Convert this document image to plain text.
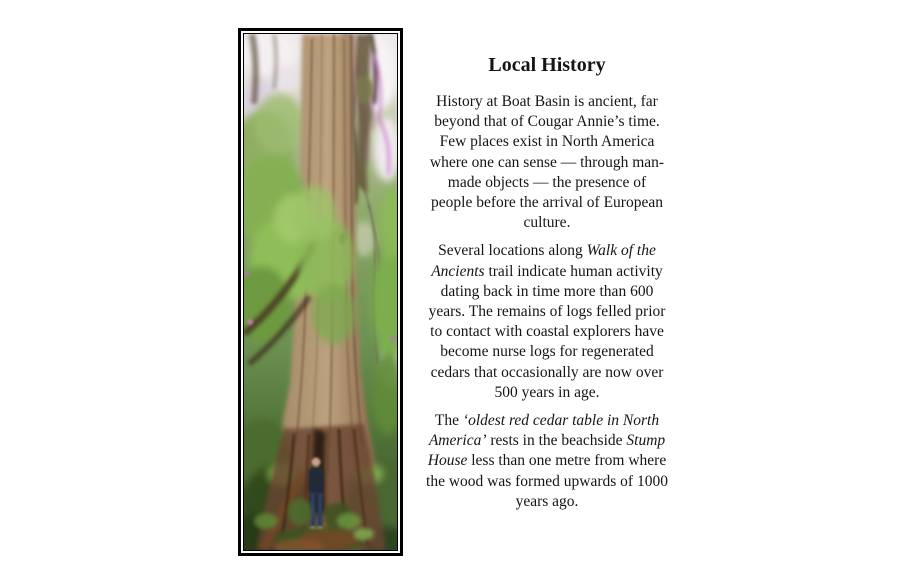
Local History

History at Boat Basin is ancient, far beyond that of Cougar Annie’s time. Few places exist in North America where one can sense — through man-made objects — the presence of people before the arrival of European culture.

Several locations along Walk of the Ancients trail indicate human activity dating back in time more than 600 years. The remains of logs felled prior to contact with coastal explorers have become nurse logs for regenerated cedars that occasionally are now over 500 years in age.

The ‘oldest red cedar table in North America’ rests in the beachside Stump House less than one metre from where the wood was formed upwards of 1000 years ago.
